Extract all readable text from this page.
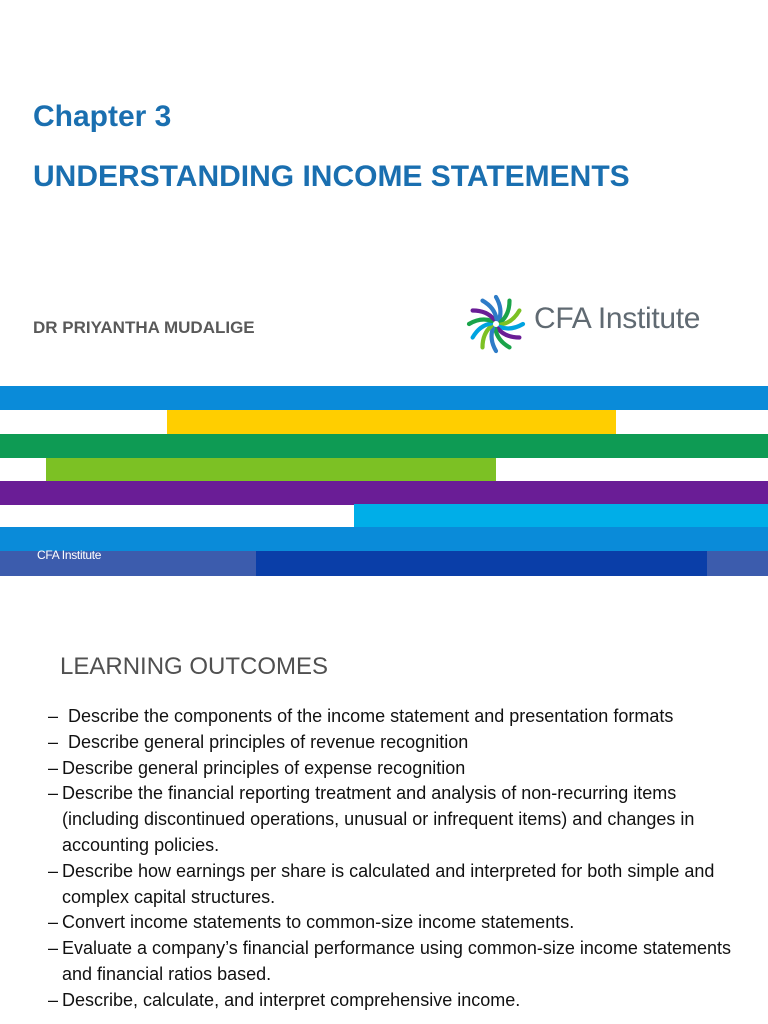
Chapter 3
UNDERSTANDING INCOME STATEMENTS
DR PRIYANTHA MUDALIGE	CFA Institute
CFA Institute
LEARNING OUTCOMES
– Describe the components of the income statement and presentation formats
– Describe general principles of revenue recognition
– Describe general principles of expense recognition
– Describe the financial reporting treatment and analysis of non-recurring items (including discontinued operations, unusual or infrequent items) and changes in accounting policies.
– Describe how earnings per share is calculated and interpreted for both simple and complex capital structures.
– Convert income statements to common-size income statements.
– Evaluate a company’s financial performance using common-size income statements and financial ratios based.
– Describe, calculate, and interpret comprehensive income.
